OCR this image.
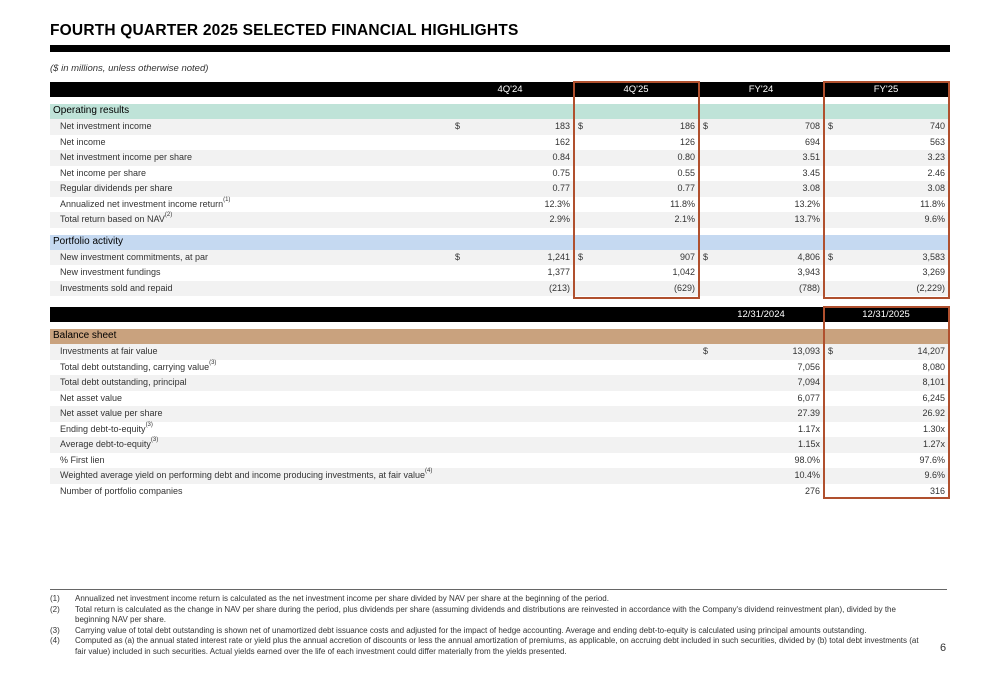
FOURTH QUARTER 2025 SELECTED FINANCIAL HIGHLIGHTS
($ in millions, unless otherwise noted)
4Q'24	4Q'25	FY'24	FY'25
Operating results
Net investment income	$	183 $	186 $	708 $	740
Net income	162	126	694	563
Net investment income per share	0.84	0.80	3.51	3.23
Net income per share	0.75	0.55	3.45	2.46
Regular dividends per share	0.77	0.77	3.08	3.08
Annualized net investment income return$^{(1)}$	12.3%	11.8%	13.2%	11.8%
Total return based on NAV$^{(2)}$	2.9%	2.1%	13.7%	9.6%
Portfolio activity
New investment commitments, at par	$	1,241 $	907 $	4,806 $	3,583
New investment fundings	1,377	1,042	3,943	3,269
Investments sold and repaid	(213)	(629)	(788)	(2,229)
12/31/2024	12/31/2025
Balance sheet
Investments at fair value	$	13,093 $	14,207
Total debt outstanding, carrying value$^{(3)}$	7,056	8,080
Total debt outstanding, principal	7,094	8,101
Net asset value	6,077	6,245
Net asset value per share	27.39	26.92
Ending debt-to-equity$^{(3)}$	1.17x	1.30x
Average debt-to-equity$^{(3)}$	1.15x	1.27x
% First lien	98.0%	97.6%
Weighted average yield on performing debt and income producing investments, at fair value$^{(4)}$	10.4%	9.6%
Number of portfolio companies	276	316
(1) Annualized net investment income return is calculated as the net investment income per share divided by NAV per share at the beginning of the period.
(2) Total return is calculated as the change in NAV per share during the period, plus dividends per share (assuming dividends and distributions are reinvested in accordance with the Company's dividend reinvestment plan), divided by the beginning NAV per share.
(3) Carrying value of total debt outstanding is shown net of unamortized debt issuance costs and adjusted for the impact of hedge accounting. Average and ending debt-to-equity is calculated using principal amounts outstanding.
(4) Computed as (a) the annual stated interest rate or yield plus the annual accretion of discounts or less the annual amortization of premiums, as applicable, on accruing debt included in such securities, divided by (b) total debt investments (at fair value) included in such securities. Actual yields earned over the life of each investment could differ materially from the yields presented.	6
